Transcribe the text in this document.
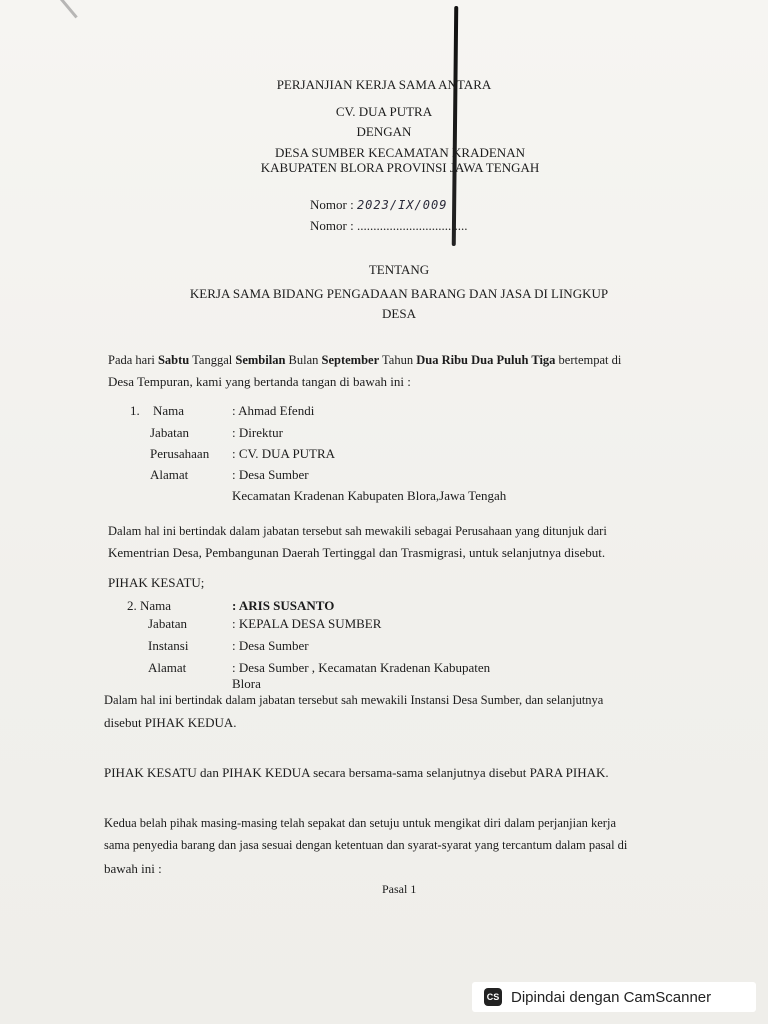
PERJANJIAN KERJA SAMA ANTARA
CV. DUA PUTRA
DENGAN
DESA SUMBER KECAMATAN KRADENAN
KABUPATEN BLORA PROVINSI JAWA TENGAH
Nomor : 2023/IX/009
Nomor : ..................................
TENTANG
KERJA SAMA BIDANG PENGADAAN BARANG DAN JASA DI LINGKUP
DESA
Pada hari Sabtu Tanggal Sembilan Bulan September Tahun Dua Ribu Dua Puluh Tiga bertempat di
Desa Tempuran, kami yang bertanda tangan di bawah ini :
1. Nama	: Ahmad Efendi
Jabatan	: Direktur
Perusahaan : CV. DUA PUTRA
Alamat	: Desa Sumber
Kecamatan Kradenan Kabupaten Blora,Jawa Tengah
Dalam hal ini bertindak dalam jabatan tersebut sah mewakili sebagai Perusahaan yang ditunjuk dari
Kementrian Desa, Pembangunan Daerah Tertinggal dan Trasmigrasi, untuk selanjutnya disebut.
PIHAK KESATU;
2. Nama	: ARIS SUSANTO
Jabatan	: KEPALA DESA SUMBER
Instansi	: Desa Sumber
Alamat	: Desa Sumber , Kecamatan Kradenan Kabupaten
Blora
Dalam hal ini bertindak dalam jabatan tersebut sah mewakili Instansi Desa Sumber, dan selanjutnya
disebut PIHAK KEDUA.
PIHAK KESATU dan PIHAK KEDUA secara bersama-sama selanjutnya disebut PARA PIHAK.
Kedua belah pihak masing-masing telah sepakat dan setuju untuk mengikat diri dalam perjanjian kerja
sama penyedia barang dan jasa sesuai dengan ketentuan dan syarat-syarat yang tercantum dalam pasal di
bawah ini :
Pasal 1
CS Dipindai dengan CamScanner
